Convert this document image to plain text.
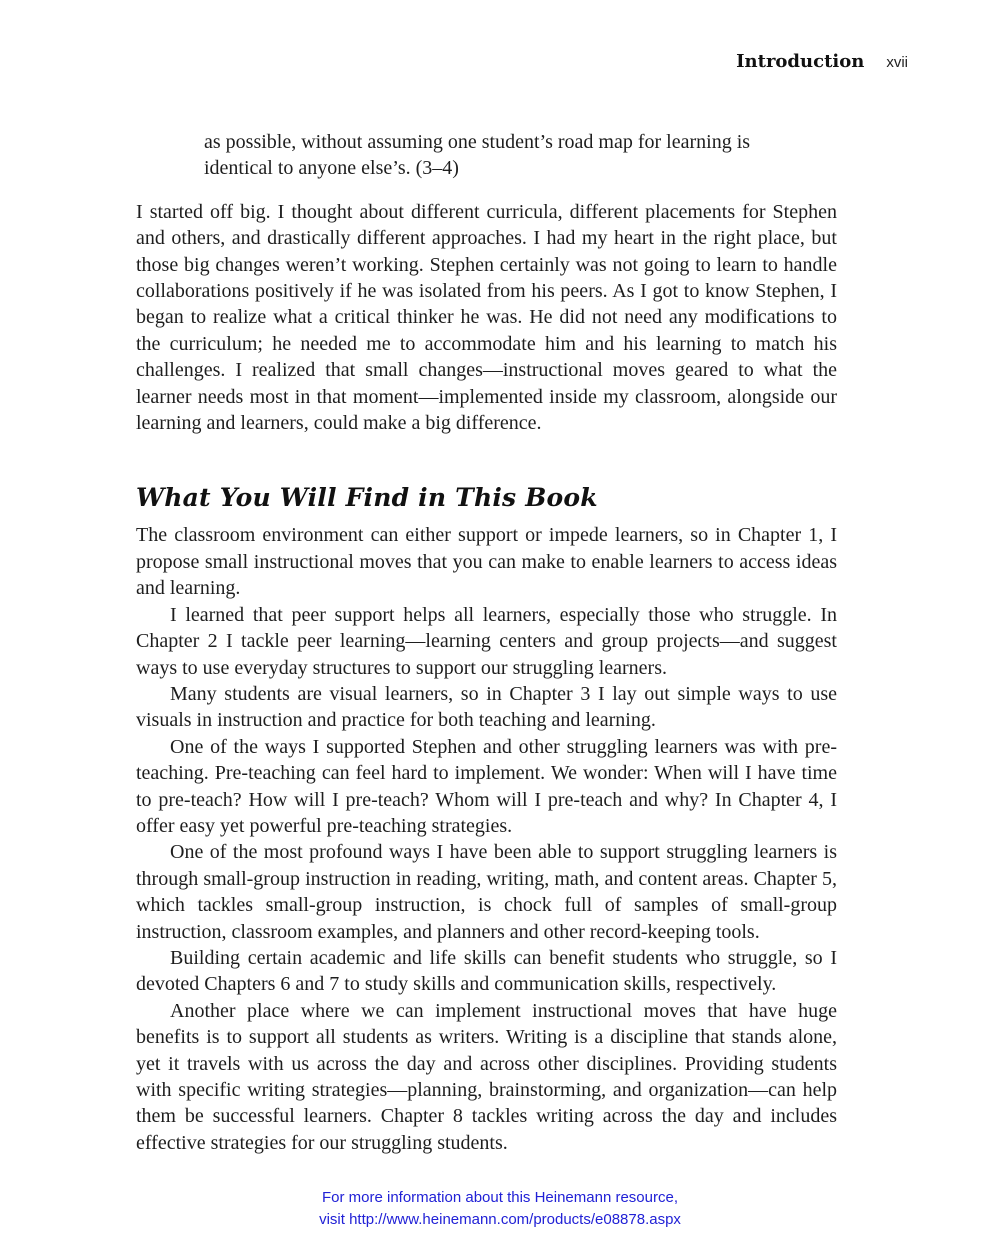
Introduction xvii
as possible, without assuming one student’s road map for learning is
identical to anyone else’s. (3–4)

I started off big. I thought about different curricula, different placements for Stephen and others, and drastically different approaches. I had my heart in the right place, but those big changes weren’t working. Stephen certainly was not going to learn to handle collaborations positively if he was isolated from his peers. As I got to know Stephen, I began to realize what a critical thinker he was. He did not need any modifications to the curriculum; he needed me to accommodate him and his learning to match his challenges. I realized that small changes—instructional moves geared to what the learner needs most in that moment—implemented inside my classroom, alongside our learning and learners, could make a big difference.

What You Will Find in This Book

The classroom environment can either support or impede learners, so in Chapter 1, I propose small instructional moves that you can make to enable learners to access ideas and learning.

I learned that peer support helps all learners, especially those who struggle. In Chapter 2 I tackle peer learning—learning centers and group projects—and suggest ways to use everyday structures to support our struggling learners.

Many students are visual learners, so in Chapter 3 I lay out simple ways to use visuals in instruction and practice for both teaching and learning.

One of the ways I supported Stephen and other struggling learners was with pre-teaching. Pre-teaching can feel hard to implement. We wonder: When will I have time to pre-teach? How will I pre-teach? Whom will I pre-teach and why? In Chapter 4, I offer easy yet powerful pre-teaching strategies.

One of the most profound ways I have been able to support struggling learners is through small-group instruction in reading, writing, math, and content areas. Chapter 5, which tackles small-group instruction, is chock full of samples of small-group instruction, classroom examples, and planners and other record-keeping tools.

Building certain academic and life skills can benefit students who struggle, so I devoted Chapters 6 and 7 to study skills and communication skills, respectively.

Another place where we can implement instructional moves that have huge benefits is to support all students as writers. Writing is a discipline that stands alone, yet it travels with us across the day and across other disciplines. Providing students with specific writing strategies—planning, brainstorming, and organization—can help them be successful learners. Chapter 8 tackles writing across the day and includes effective strategies for our struggling students.

For more information about this Heinemann resource,
visit http://www.heinemann.com/products/e08878.aspx
